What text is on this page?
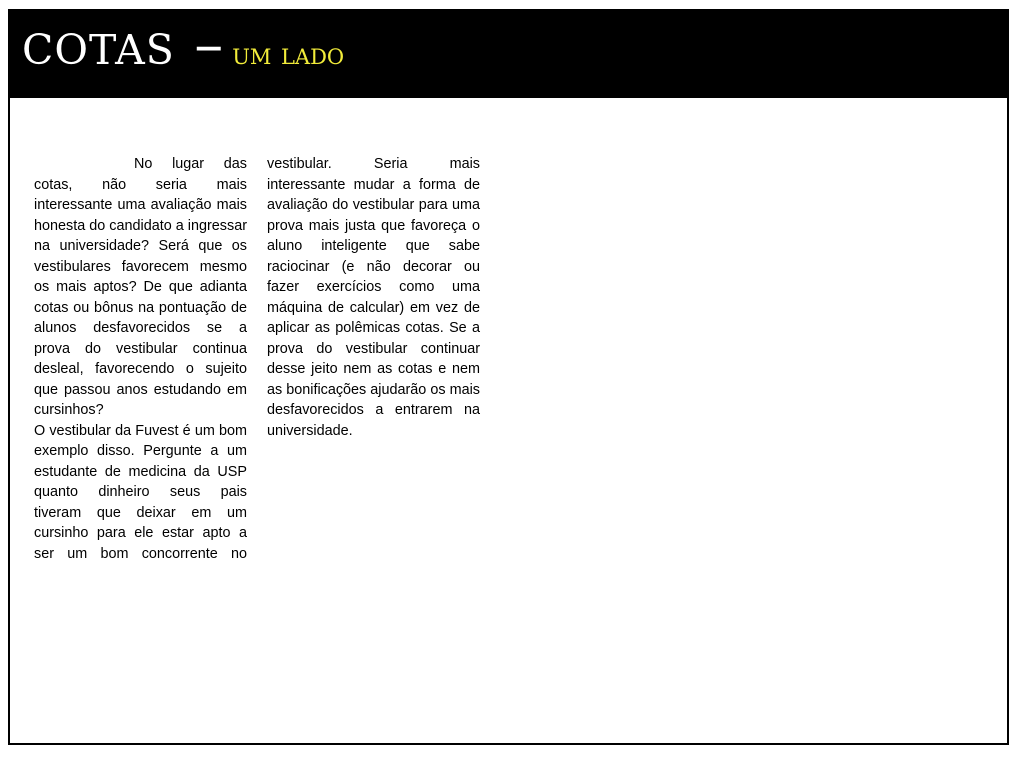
cotas – um lado

No lugar das cotas, não seria mais interessante uma avaliação mais honesta do candidato a ingressar na universidade? Será que os vestibulares favorecem mesmo os mais aptos? De que adianta cotas ou bônus na pontuação de alunos desfavorecidos se a prova do vestibular continua desleal, favorecendo o sujeito que passou anos estudando em cursinhos?

O vestibular da Fuvest é um bom exemplo disso. Pergunte a um estudante de medicina da USP quanto dinheiro seus pais tiveram que deixar em um cursinho para ele estar apto a ser um bom concorrente no vestibular. Seria mais interessante mudar a forma de avaliação do vestibular para uma prova mais justa que favoreça o aluno inteligente que sabe raciocinar (e não decorar ou fazer exercícios como uma máquina de calcular) em vez de aplicar as polêmicas cotas. Se a prova do vestibular continuar desse jeito nem as cotas e nem as bonificações ajudarão os mais desfavorecidos a entrarem na universidade.
